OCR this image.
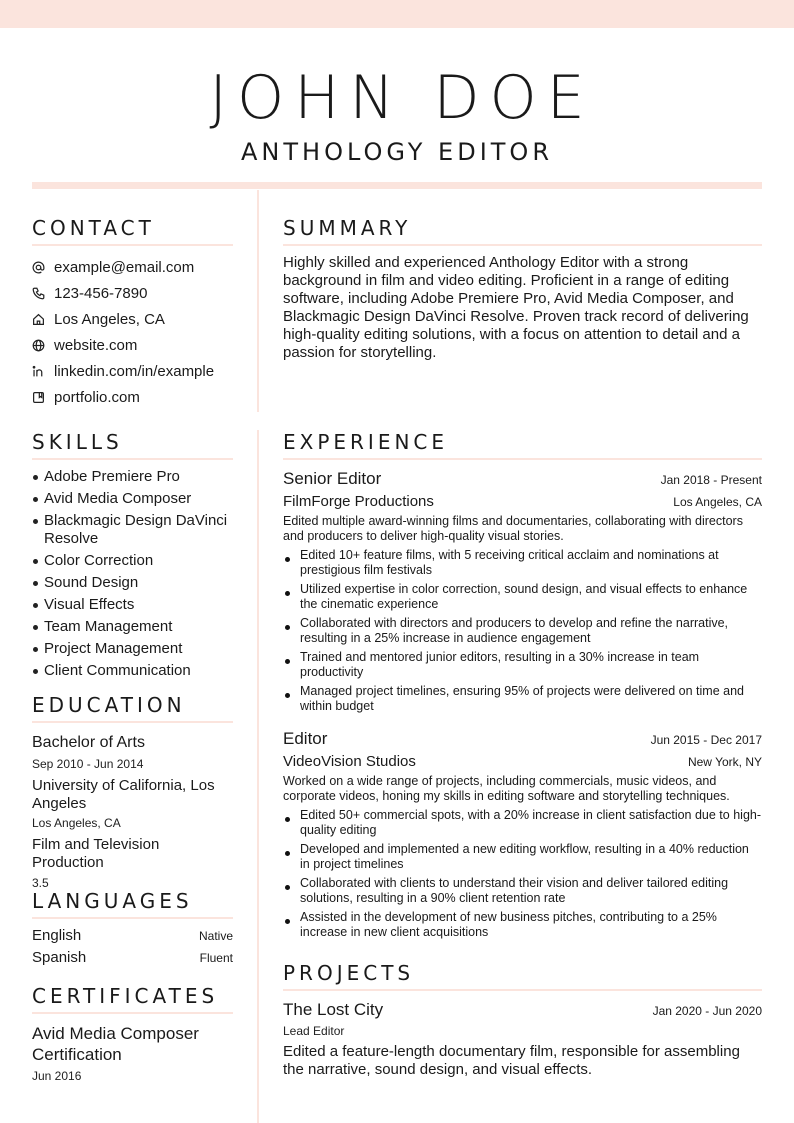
JOHN DOE
ANTHOLOGY EDITOR
CONTACT
example@email.com
123-456-7890
Los Angeles, CA
website.com
linkedin.com/in/example
portfolio.com
SKILLS
Adobe Premiere Pro
Avid Media Composer
Blackmagic Design DaVinci Resolve
Color Correction
Sound Design
Visual Effects
Team Management
Project Management
Client Communication
EDUCATION
Bachelor of Arts
Sep 2010 - Jun 2014
University of California, Los Angeles
Los Angeles, CA
Film and Television Production
3.5
LANGUAGES
English	Native
Spanish	Fluent
CERTIFICATES
Avid Media Composer Certification
Jun 2016
SUMMARY
Highly skilled and experienced Anthology Editor with a strong background in film and video editing. Proficient in a range of editing software, including Adobe Premiere Pro, Avid Media Composer, and Blackmagic Design DaVinci Resolve. Proven track record of delivering high-quality editing solutions, with a focus on attention to detail and a passion for storytelling.
EXPERIENCE
Senior Editor	Jan 2018 - Present
FilmForge Productions	Los Angeles, CA
Edited multiple award-winning films and documentaries, collaborating with directors and producers to deliver high-quality visual stories.
Edited 10+ feature films, with 5 receiving critical acclaim and nominations at prestigious film festivals
Utilized expertise in color correction, sound design, and visual effects to enhance the cinematic experience
Collaborated with directors and producers to develop and refine the narrative, resulting in a 25% increase in audience engagement
Trained and mentored junior editors, resulting in a 30% increase in team productivity
Managed project timelines, ensuring 95% of projects were delivered on time and within budget
Editor	Jun 2015 - Dec 2017
VideoVision Studios	New York, NY
Worked on a wide range of projects, including commercials, music videos, and corporate videos, honing my skills in editing software and storytelling techniques.
Edited 50+ commercial spots, with a 20% increase in client satisfaction due to high-quality editing
Developed and implemented a new editing workflow, resulting in a 40% reduction in project timelines
Collaborated with clients to understand their vision and deliver tailored editing solutions, resulting in a 90% client retention rate
Assisted in the development of new business pitches, contributing to a 25% increase in new client acquisitions
PROJECTS
The Lost City	Jan 2020 - Jun 2020
Lead Editor
Edited a feature-length documentary film, responsible for assembling the narrative, sound design, and visual effects.
